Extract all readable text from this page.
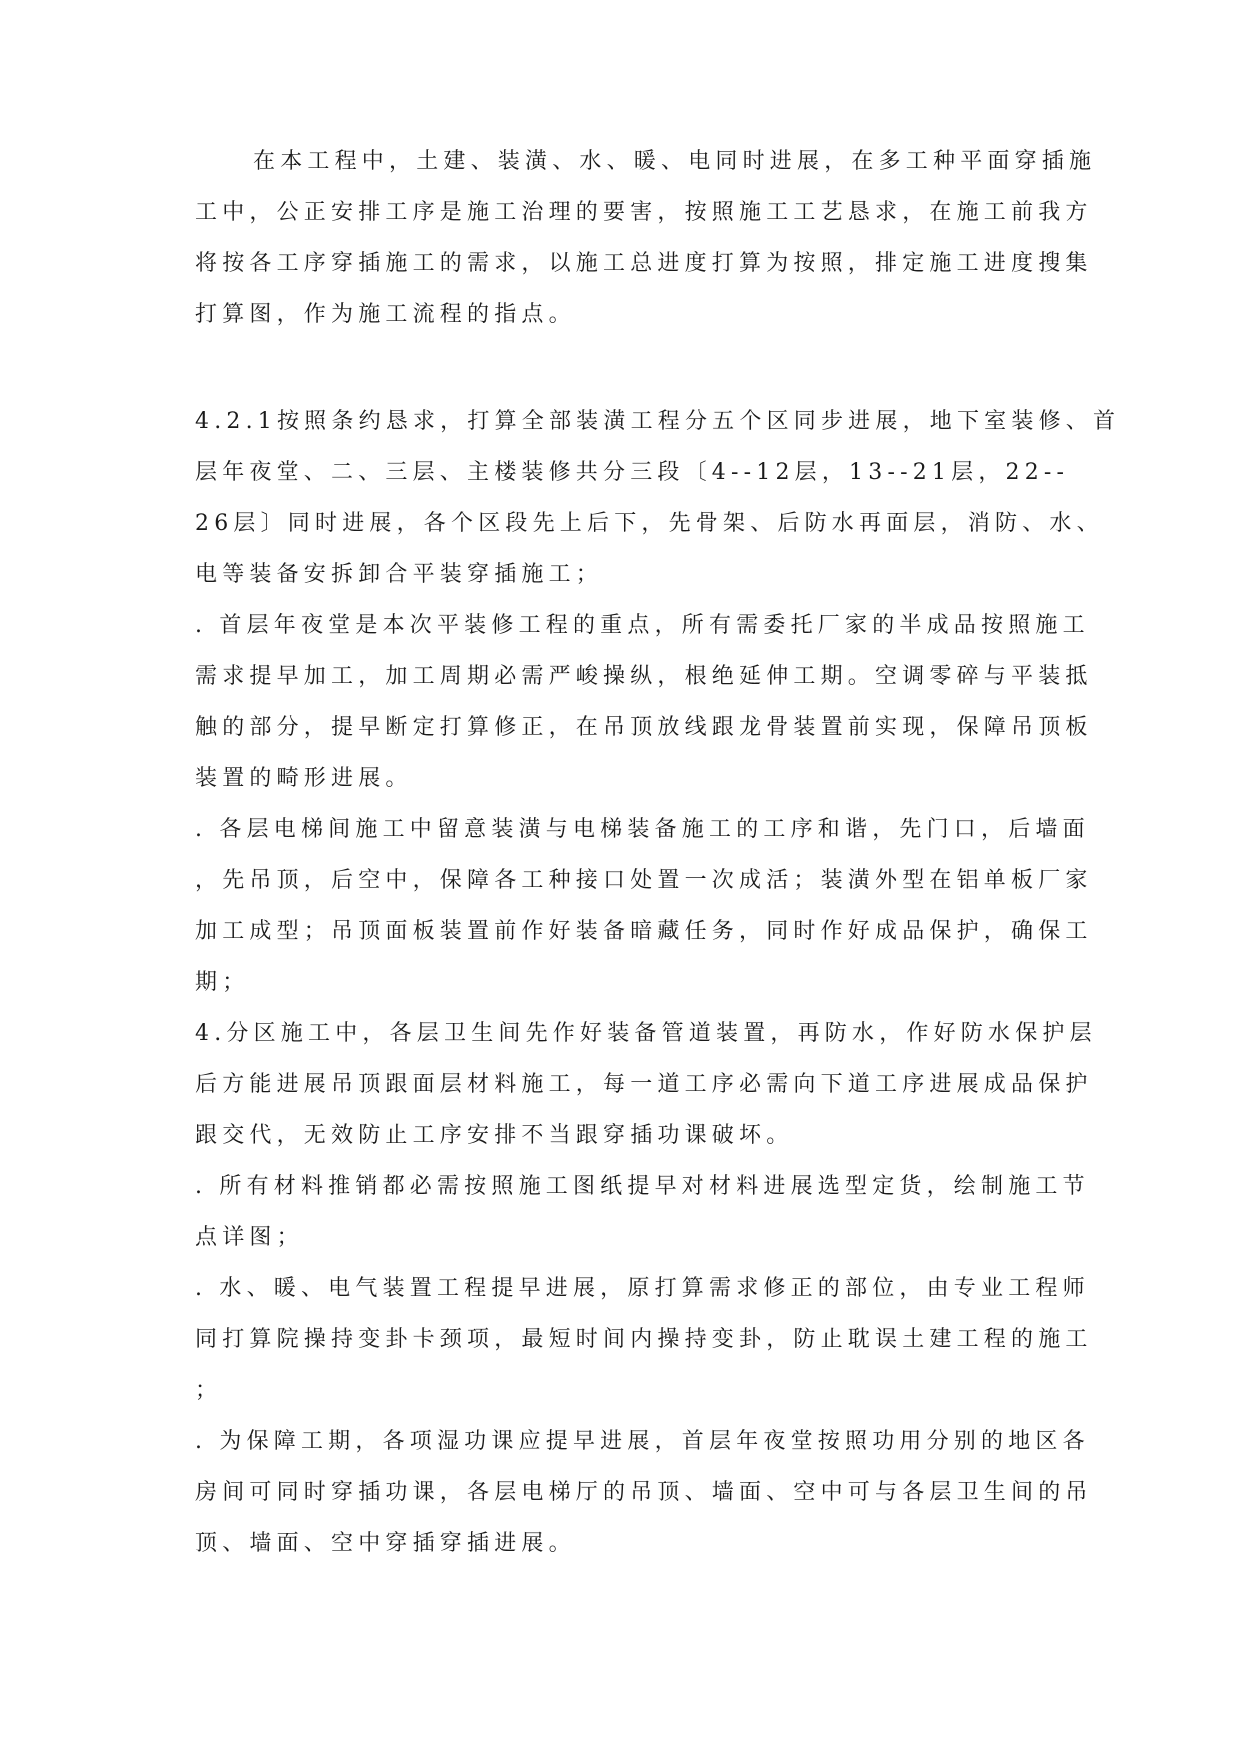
在本工程中，土建、装潢、水、暖、电同时进展，在多工种平面穿插施
工中，公正安排工序是施工治理的要害，按照施工工艺恳求，在施工前我方
将按各工序穿插施工的需求，以施工总进度打算为按照，排定施工进度搜集
打算图，作为施工流程的指点。
4.2.1按照条约恳求，打算全部装潢工程分五个区同步进展，地下室装修、首
层年夜堂、二、三层、主楼装修共分三段〔4--12层，13--21层，22--
26层〕同时进展，各个区段先上后下，先骨架、后防水再面层，消防、水、
电等装备安拆卸合平装穿插施工；
. 首层年夜堂是本次平装修工程的重点，所有需委托厂家的半成品按照施工
需求提早加工，加工周期必需严峻操纵，根绝延伸工期。空调零碎与平装抵
触的部分，提早断定打算修正，在吊顶放线跟龙骨装置前实现，保障吊顶板
装置的畸形进展。
. 各层电梯间施工中留意装潢与电梯装备施工的工序和谐，先门口，后墙面
，先吊顶，后空中，保障各工种接口处置一次成活；装潢外型在铝单板厂家
加工成型；吊顶面板装置前作好装备暗藏任务，同时作好成品保护，确保工
期；
4.分区施工中，各层卫生间先作好装备管道装置，再防水，作好防水保护层
后方能进展吊顶跟面层材料施工，每一道工序必需向下道工序进展成品保护
跟交代，无效防止工序安排不当跟穿插功课破坏。
. 所有材料推销都必需按照施工图纸提早对材料进展选型定货，绘制施工节
点详图；
. 水、暖、电气装置工程提早进展，原打算需求修正的部位，由专业工程师
同打算院操持变卦卡颈项，最短时间内操持变卦，防止耽误土建工程的施工
；
. 为保障工期，各项湿功课应提早进展，首层年夜堂按照功用分别的地区各
房间可同时穿插功课，各层电梯厅的吊顶、墙面、空中可与各层卫生间的吊
顶、墙面、空中穿插穿插进展。
